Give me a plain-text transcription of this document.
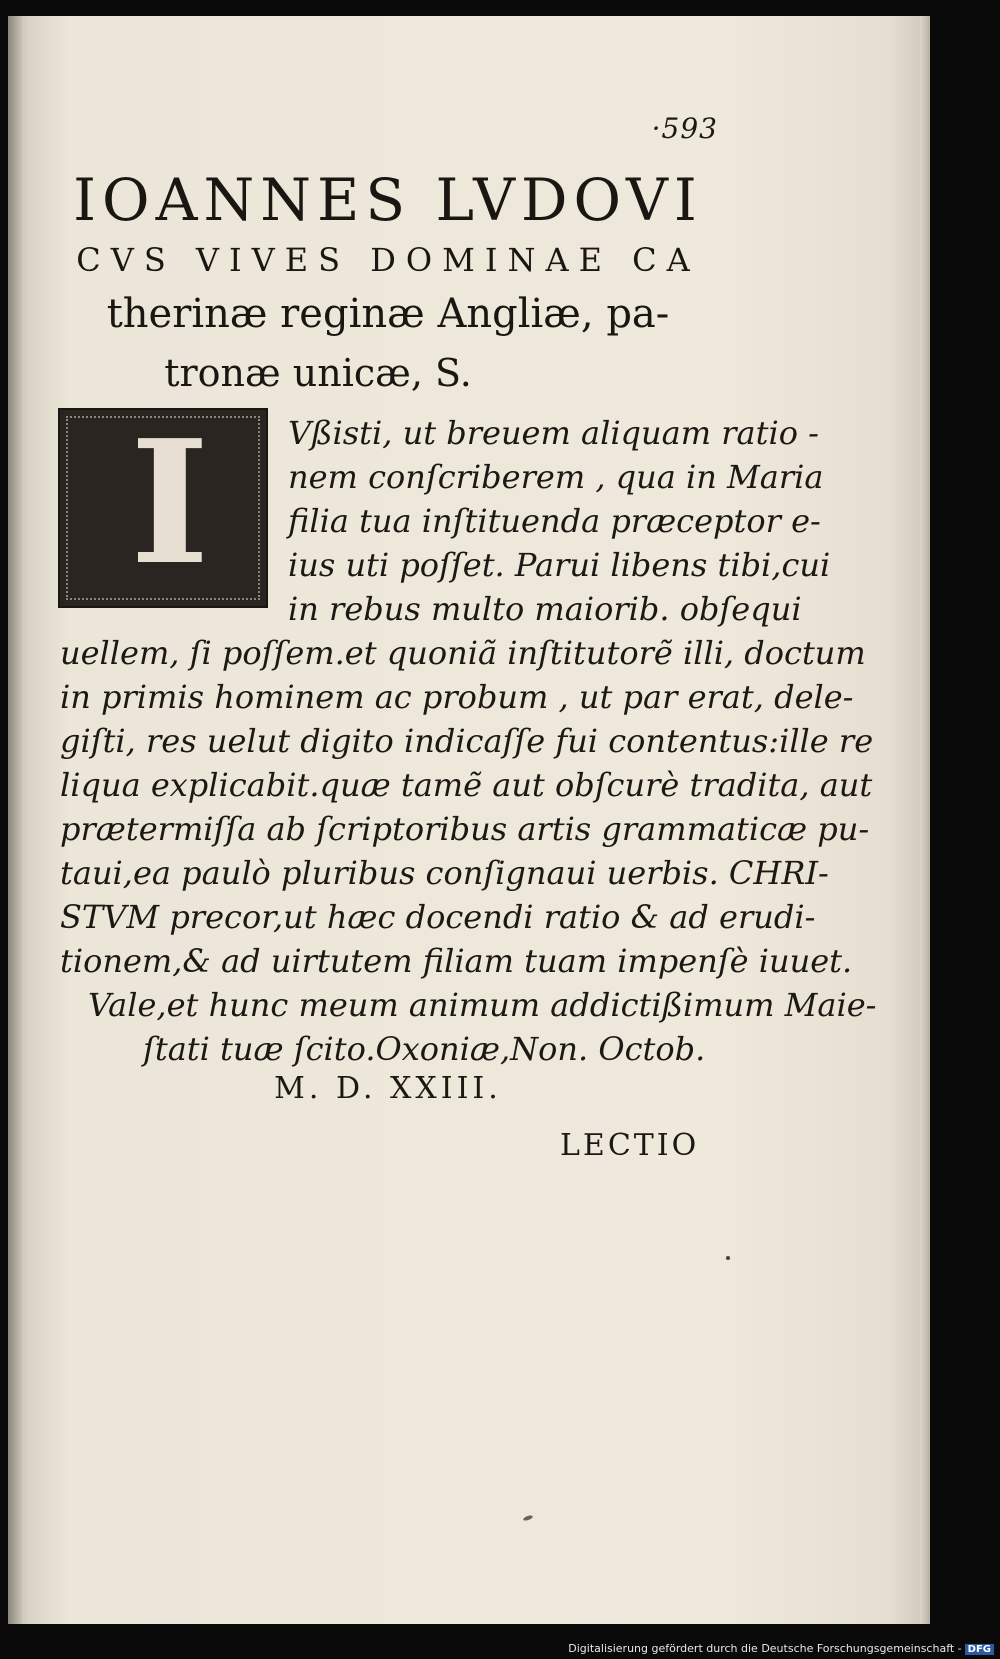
·593
IOANNES LVDOVI
CVS VIVES DOMINAE CA
therinæ reginæ Angliæ, pa-
tronæ unicæ, S.
I Vßisti, ut breuem aliquam ratio -
nem conſcriberem , qua in Maria
filia tua inſtituenda præceptor e-
ius uti poſſet. Parui libens tibi,cui
in rebus multo maiorib. obſequi
uellem, ſi poſſem.et quoniã inſtitutorẽ illi, doctum
in primis hominem ac probum , ut par erat, dele-
giſti, res uelut digito indicaſſe fui contentus:ille re
liqua explicabit.quæ tamẽ aut obſcurè tradita, aut
prætermiſſa ab ſcriptoribus artis grammaticæ pu-
taui,ea paulò pluribus conſignaui uerbis. CHRI-
STVM precor,ut hæc docendi ratio & ad erudi-
tionem,& ad uirtutem filiam tuam impenſè iuuet.
Vale,et hunc meum animum addictißimum Maie-
ſtati tuæ ſcito.Oxoniæ,Non. Octob.
M. D. XXIII.
LECTIO
Digitalisierung gefördert durch die Deutsche Forschungsgemeinschaft - DFG
